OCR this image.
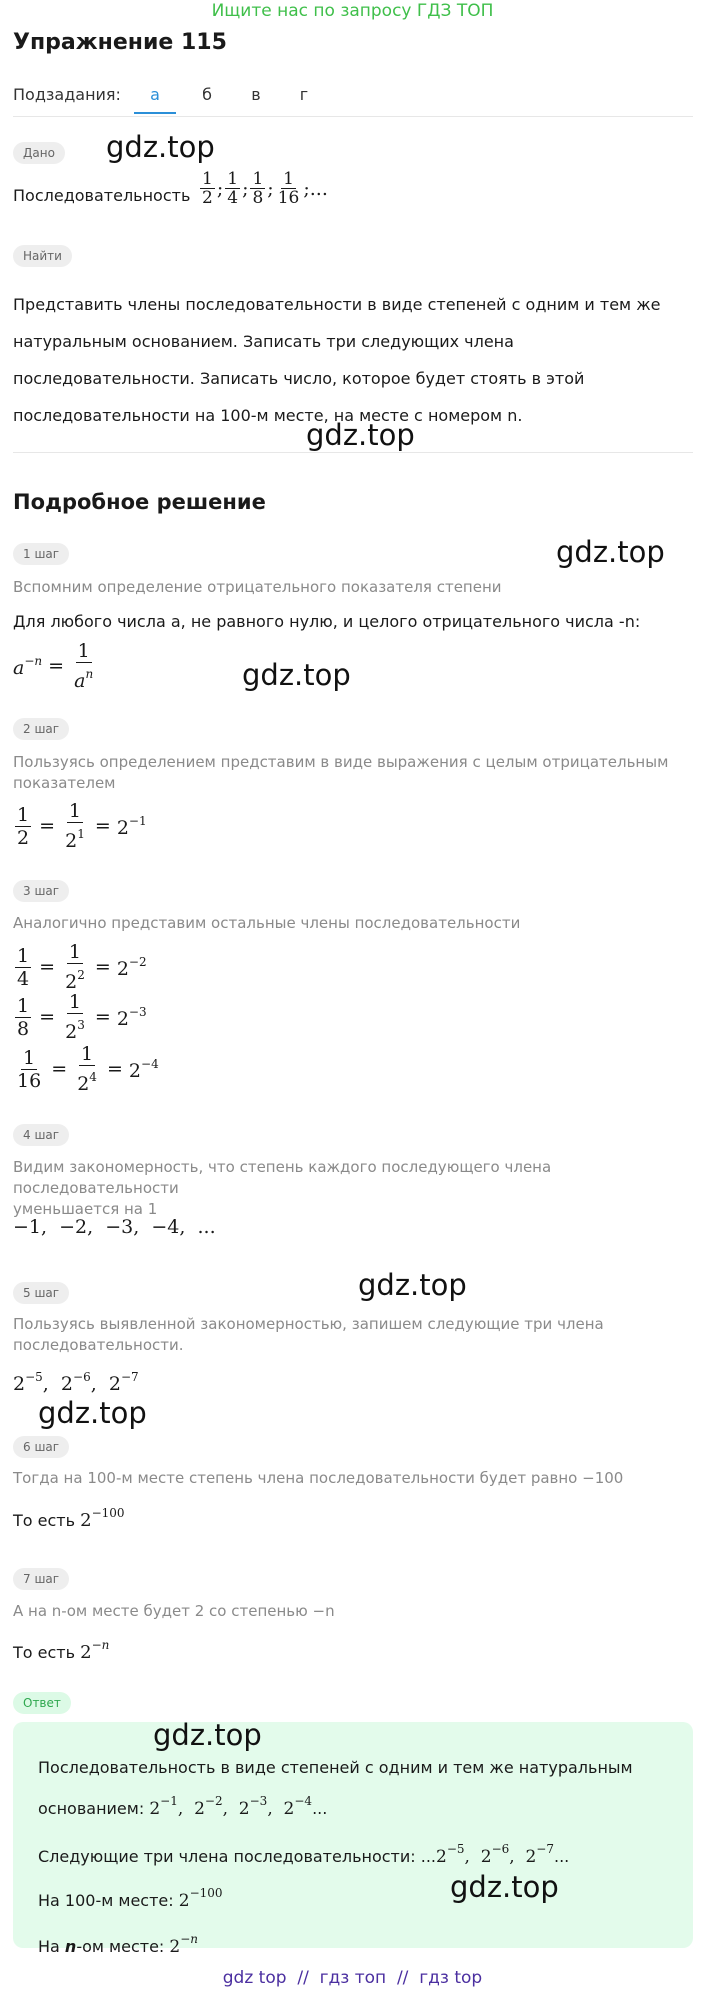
Ищите нас по запросу ГДЗ ТОП
Упражнение 115
Подзадания:	а	б	в	г
Дано	gdz.top
Последовательность $\frac{1}{2}$ ; $\frac{1}{4}$ ; $\frac{1}{8}$ ; $\frac{1}{16}$ ; ...
Найти
Представить члены последовательности в виде степеней с одним и тем же
натуральным основанием. Записать три следующих члена
последовательности. Записать число, которое будет стоять в этой
последовательности на 100-м месте, на месте с номером n.
gdz.top
Подробное решение
1 шаг	gdz.top
Вспомним определение отрицательного показателя степени
Для любого числа a, не равного нулю, и целого отрицательного числа -n:
$a^{-n} = \frac{1}{a^n}$	gdz.top
2 шаг
Пользуясь определением представим в виде выражения с целым отрицательным
показателем
$\frac{1}{2} = \frac{1}{2^1} = 2^{-1}$
3 шаг
Аналогично представим остальные члены последовательности
$\frac{1}{4} = \frac{1}{2^2} = 2^{-2}$
$\frac{1}{8} = \frac{1}{2^3} = 2^{-3}$
$\frac{1}{16} = \frac{1}{2^4} = 2^{-4}$
4 шаг
Видим закономерность, что степень каждого последующего члена последовательности
уменьшается на 1
−1,  −2,  −3,  −4,  ...
gdz.top
5 шаг
Пользуясь выявленной закономерностью, запишем следующие три члена
последовательности.
$2^{-5}$,  $2^{-6}$,  $2^{-7}$
gdz.top
6 шаг
Тогда на 100-м месте степень члена последовательности будет равно −100
То есть $2^{-100}$
7 шаг
А на n-ом месте будет 2 со степенью −n
То есть $2^{-n}$
Ответ
gdz.top
Последовательность в виде степеней с одним и тем же натуральным
основанием: $2^{-1}$,  $2^{-2}$,  $2^{-3}$,  $2^{-4}$...
Следующие три члена последовательности: $...2^{-5}$,  $2^{-6}$,  $2^{-7}$...
gdz.top
На 100-м месте: $2^{-100}$
На n-ом месте: $2^{-n}$
gdz top  //  гдз топ  //  гдз top
